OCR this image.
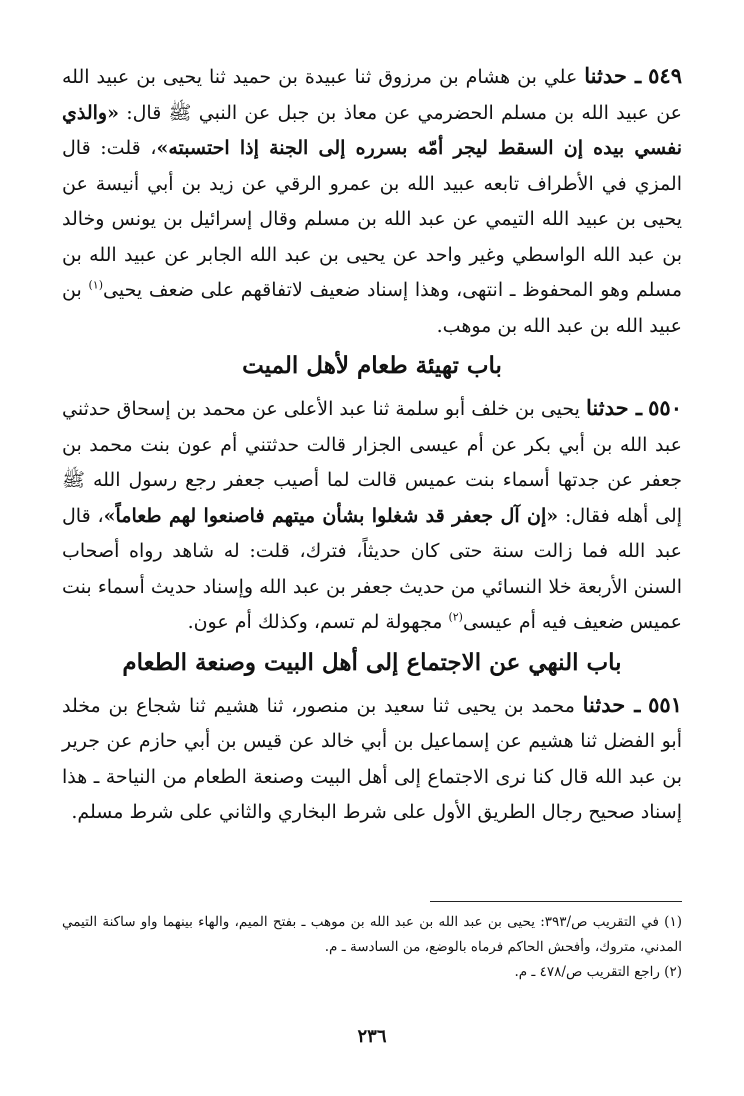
٥٤٩ ـ حدثنا علي بن هشام بن مرزوق ثنا عبيدة بن حميد ثنا يحيى بن عبيد الله عن عبيد الله بن مسلم الحضرمي عن معاذ بن جبل عن النبي ﷺ قال: «والذي نفسي بيده إن السقط ليجر أمّه بسرره إلى الجنة إذا احتسبته»، قلت: قال المزي في الأطراف تابعه عبيد الله بن عمرو الرقي عن زيد بن أبي أنيسة عن يحيى بن عبيد الله التيمي عن عبد الله بن مسلم وقال إسرائيل بن يونس وخالد بن عبد الله الواسطي وغير واحد عن يحيى بن عبد الله الجابر عن عبيد الله بن مسلم وهو المحفوظ ـ انتهى، وهذا إسناد ضعيف لاتفاقهم على ضعف يحيى$^{(١)}$ بن عبيد الله بن عبد الله بن موهب.

باب تهيئة طعام لأهل الميت

٥٥٠ ـ حدثنا يحيى بن خلف أبو سلمة ثنا عبد الأعلى عن محمد بن إسحاق حدثني عبد الله بن أبي بكر عن أم عيسى الجزار قالت حدثتني أم عون بنت محمد بن جعفر عن جدتها أسماء بنت عميس قالت لما أصيب جعفر رجع رسول الله ﷺ إلى أهله فقال: «إن آل جعفر قد شغلوا بشأن ميتهم فاصنعوا لهم طعاماً»، قال عبد الله فما زالت سنة حتى كان حديثاً، فترك، قلت: له شاهد رواه أصحاب السنن الأربعة خلا النسائي من حديث جعفر بن عبد الله وإسناد حديث أسماء بنت عميس ضعيف فيه أم عيسى$^{(٢)}$ مجهولة لم تسم، وكذلك أم عون.

باب النهي عن الاجتماع إلى أهل البيت وصنعة الطعام

٥٥١ ـ حدثنا محمد بن يحيى ثنا سعيد بن منصور، ثنا هشيم ثنا شجاع بن مخلد أبو الفضل ثنا هشيم عن إسماعيل بن أبي خالد عن قيس بن أبي حازم عن جرير بن عبد الله قال كنا نرى الاجتماع إلى أهل البيت وصنعة الطعام من النياحة ـ هذا إسناد صحيح رجال الطريق الأول على شرط البخاري والثاني على شرط مسلم.

(١) في التقريب ص/٣٩٣: يحيى بن عبد الله بن عبد الله بن موهب ـ بفتح الميم، والهاء بينهما واو ساكنة التيمي المدني، متروك، وأفحش الحاكم فرماه بالوضع، من السادسة ـ م.

(٢) راجع التقريب ص/٤٧٨ ـ م.

٢٣٦
